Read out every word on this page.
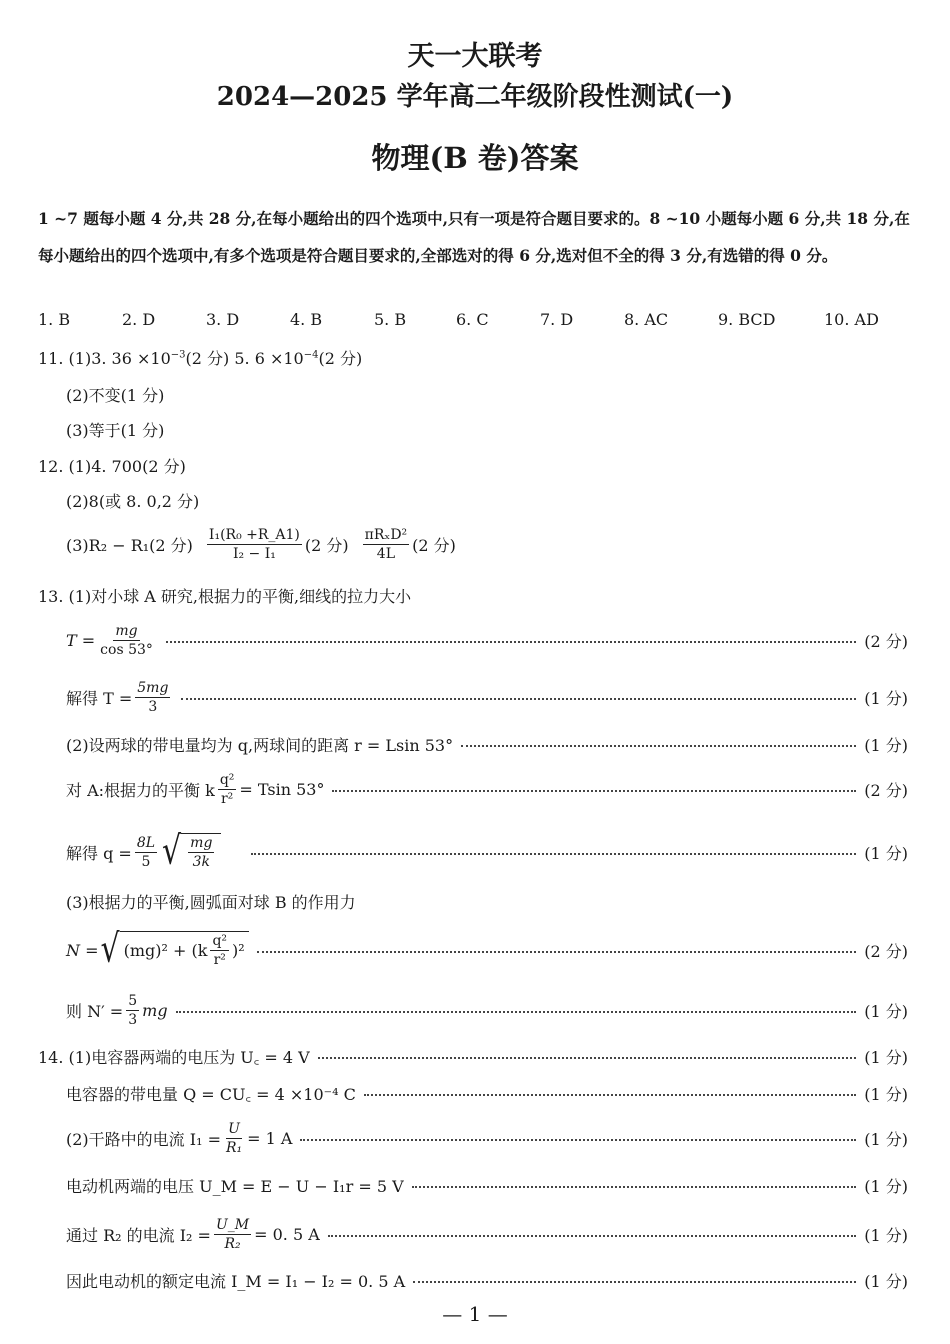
天一大联考
2024—2025 学年高二年级阶段性测试(一)
物理(B 卷)答案
1 ~7 题每小题 4 分,共 28 分,在每小题给出的四个选项中,只有一项是符合题目要求的。8 ~10 小题每小题 6 分,共 18 分,在每小题给出的四个选项中,有多个选项是符合题目要求的,全部选对的得 6 分,选对但不全的得 3 分,有选错的得 0 分。
1. B	2. D	3. D	4. B	5. B	6. C	7. D	8. AC	9. BCD	10. AD
11. (1)3. $36 \times 10^{-3}(2$ 分) 5. $6 \times 10^{-4}(2$ 分)
(2)不变(1 分)
(3)等于(1 分)
12. (1)4. 700(2 分)
(2)8(或 8. 0,2 分)
(3)R₂ − R₁(2 分) $\frac{\text{I₁(R₀ +R\_A1)}}{\text{I₂ − I₁}} (2$ 分) $\frac{\text{πRₓD²}}{4L} (2$ 分)
13. (1)对小球 A 研究,根据力的平衡,细线的拉力大小
$T = \frac{mg}{\cos 53^\circ}$	(2 分)
解得 $T = \frac{5mg}{3}$	(1 分)
(2)设两球的带电量均为 q,两球间的距离 r = Lsin 53°	(1 分)
对 A:根据力的平衡 k $\frac{\text{q²}}{\text{r²}} = Tsin$ 53°	(2 分)
解得 $q = \frac{8L}{5}$ √ $\frac{mg}{3k}$	(1 分)
(3)根据力的平衡,圆弧面对球 B 的作用力
N = √ $(mg)^2 + (k \frac{\text{q²}}{\text{r²}} )^2$	(2 分)
则 $N' = \frac{5}{3}$ mg	(1 分)
14. (1)电容器两端的电压为 U꜀ = 4 V	(1 分)
电容器的带电量 Q = CU꜀ = 4 ×10⁻⁴ C	(1 分)
(2)干路中的电流 $I_1 = \frac{U}{\text{R₁}} = 1$ A	(1 分)
电动机两端的电压 U_M = E − U − I₁r = 5 V	(1 分)
通过 R₂ 的电流 $I_2 = \frac{U\_M}{\text{R₂}} = 0$. 5 A	(1 分)
因此电动机的额定电流 I_M = I₁ − I₂ = 0. 5 A	(1 分)
— 1 —
